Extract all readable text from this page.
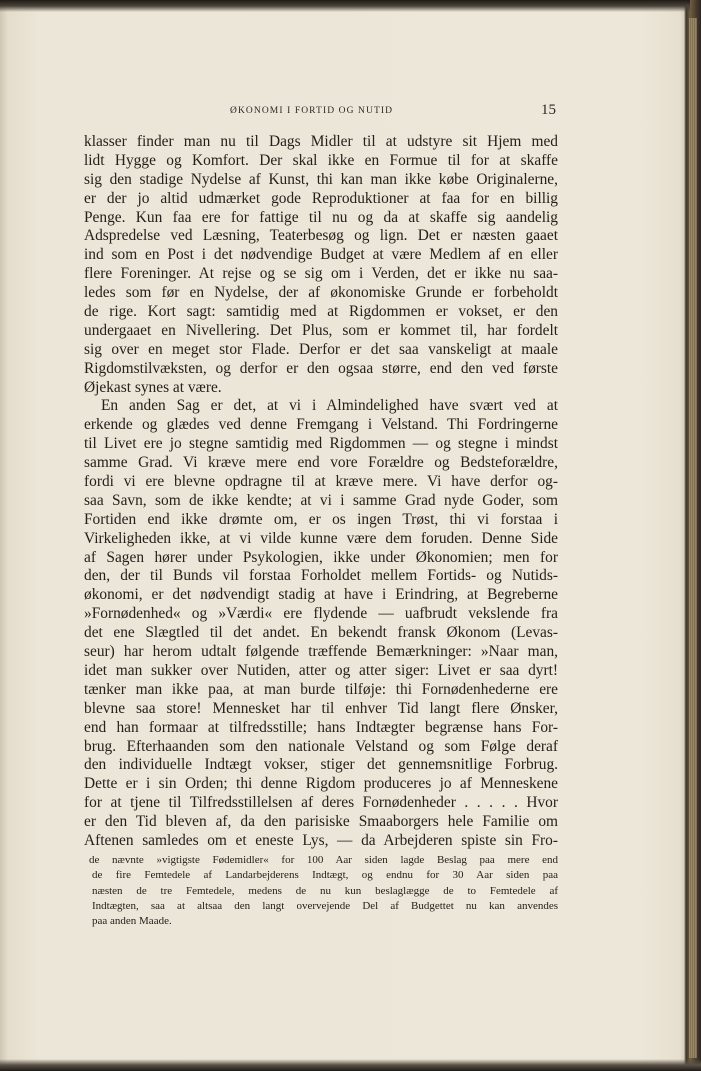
ØKONOMI I FORTID OG NUTID	15
klasser finder man nu til Dags Midler til at udstyre sit Hjem med
lidt Hygge og Komfort. Der skal ikke en Formue til for at skaffe
sig den stadige Nydelse af Kunst, thi kan man ikke købe Originalerne,
er der jo altid udmærket gode Reproduktioner at faa for en billig
Penge. Kun faa ere for fattige til nu og da at skaffe sig aandelig
Adspredelse ved Læsning, Teaterbesøg og lign. Det er næsten gaaet
ind som en Post i det nødvendige Budget at være Medlem af en eller
flere Foreninger. At rejse og se sig om i Verden, det er ikke nu saa-
ledes som før en Nydelse, der af økonomiske Grunde er forbeholdt
de rige. Kort sagt: samtidig med at Rigdommen er vokset, er den
undergaaet en Nivellering. Det Plus, som er kommet til, har fordelt
sig over en meget stor Flade. Derfor er det saa vanskeligt at maale
Rigdomstilvæksten, og derfor er den ogsaa større, end den ved første
Øjekast synes at være.
En anden Sag er det, at vi i Almindelighed have svært ved at
erkende og glædes ved denne Fremgang i Velstand. Thi Fordringerne
til Livet ere jo stegne samtidig med Rigdommen — og stegne i mindst
samme Grad. Vi kræve mere end vore Forældre og Bedsteforældre,
fordi vi ere blevne opdragne til at kræve mere. Vi have derfor og-
saa Savn, som de ikke kendte; at vi i samme Grad nyde Goder, som
Fortiden end ikke drømte om, er os ingen Trøst, thi vi forstaa i
Virkeligheden ikke, at vi vilde kunne være dem foruden. Denne Side
af Sagen hører under Psykologien, ikke under Økonomien; men for
den, der til Bunds vil forstaa Forholdet mellem Fortids- og Nutids-
økonomi, er det nødvendigt stadig at have i Erindring, at Begreberne
»Fornødenhed« og »Værdi« ere flydende — uafbrudt vekslende fra
det ene Slægtled til det andet. En bekendt fransk Økonom (Levas-
seur) har herom udtalt følgende træffende Bemærkninger: »Naar man,
idet man sukker over Nutiden, atter og atter siger: Livet er saa dyrt!
tænker man ikke paa, at man burde tilføje: thi Fornødenhederne ere
blevne saa store! Mennesket har til enhver Tid langt flere Ønsker,
end han formaar at tilfredsstille; hans Indtægter begrænse hans For-
brug. Efterhaanden som den nationale Velstand og som Følge deraf
den individuelle Indtægt vokser, stiger det gennemsnitlige Forbrug.
Dette er i sin Orden; thi denne Rigdom produceres jo af Menneskene
for at tjene til Tilfredsstillelsen af deres Fornødenheder . . . . . Hvor
er den Tid bleven af, da den parisiske Smaaborgers hele Familie om
Aftenen samledes om et eneste Lys, — da Arbejderen spiste sin Fro-
de nævnte »vigtigste Fødemidler« for 100 Aar siden lagde Beslag paa mere end
de fire Femtedele af Landarbejderens Indtægt, og endnu for 30 Aar siden paa
næsten de tre Femtedele, medens de nu kun beslaglægge de to Femtedele af
Indtægten, saa at altsaa den langt overvejende Del af Budgettet nu kan anvendes
paa anden Maade.
